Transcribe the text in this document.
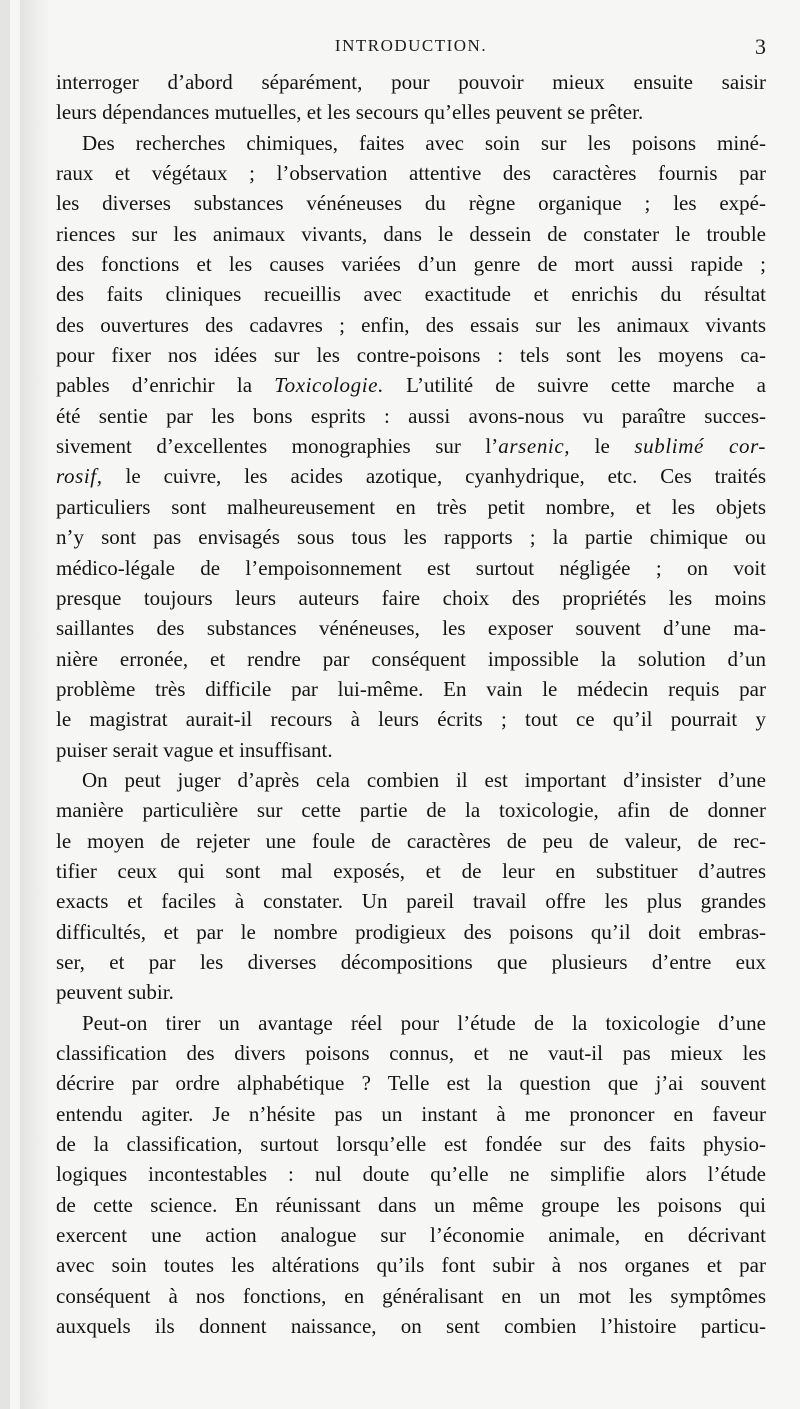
INTRODUCTION.	3
interroger d’abord séparément, pour pouvoir mieux ensuite saisir
leurs dépendances mutuelles, et les secours qu’elles peuvent se prêter.
Des recherches chimiques, faites avec soin sur les poisons miné-
raux et végétaux ; l’observation attentive des caractères fournis par
les diverses substances vénéneuses du règne organique ; les expé-
riences sur les animaux vivants, dans le dessein de constater le trouble
des fonctions et les causes variées d’un genre de mort aussi rapide ;
des faits cliniques recueillis avec exactitude et enrichis du résultat
des ouvertures des cadavres ; enfin, des essais sur les animaux vivants
pour fixer nos idées sur les contre-poisons : tels sont les moyens ca-
pables d’enrichir la Toxicologie. L’utilité de suivre cette marche a
été sentie par les bons esprits : aussi avons-nous vu paraître succes-
sivement d’excellentes monographies sur l’arsenic, le sublimé cor-
rosif, le cuivre, les acides azotique, cyanhydrique, etc. Ces traités
particuliers sont malheureusement en très petit nombre, et les objets
n’y sont pas envisagés sous tous les rapports ; la partie chimique ou
médico-légale de l’empoisonnement est surtout négligée ; on voit
presque toujours leurs auteurs faire choix des propriétés les moins
saillantes des substances vénéneuses, les exposer souvent d’une ma-
nière erronée, et rendre par conséquent impossible la solution d’un
problème très difficile par lui-même. En vain le médecin requis par
le magistrat aurait-il recours à leurs écrits ; tout ce qu’il pourrait y
puiser serait vague et insuffisant.
On peut juger d’après cela combien il est important d’insister d’une
manière particulière sur cette partie de la toxicologie, afin de donner
le moyen de rejeter une foule de caractères de peu de valeur, de rec-
tifier ceux qui sont mal exposés, et de leur en substituer d’autres
exacts et faciles à constater. Un pareil travail offre les plus grandes
difficultés, et par le nombre prodigieux des poisons qu’il doit embras-
ser, et par les diverses décompositions que plusieurs d’entre eux
peuvent subir.
Peut-on tirer un avantage réel pour l’étude de la toxicologie d’une
classification des divers poisons connus, et ne vaut-il pas mieux les
décrire par ordre alphabétique ? Telle est la question que j’ai souvent
entendu agiter. Je n’hésite pas un instant à me prononcer en faveur
de la classification, surtout lorsqu’elle est fondée sur des faits physio-
logiques incontestables : nul doute qu’elle ne simplifie alors l’étude
de cette science. En réunissant dans un même groupe les poisons qui
exercent une action analogue sur l’économie animale, en décrivant
avec soin toutes les altérations qu’ils font subir à nos organes et par
conséquent à nos fonctions, en généralisant en un mot les symptômes
auxquels ils donnent naissance, on sent combien l’histoire particu-
